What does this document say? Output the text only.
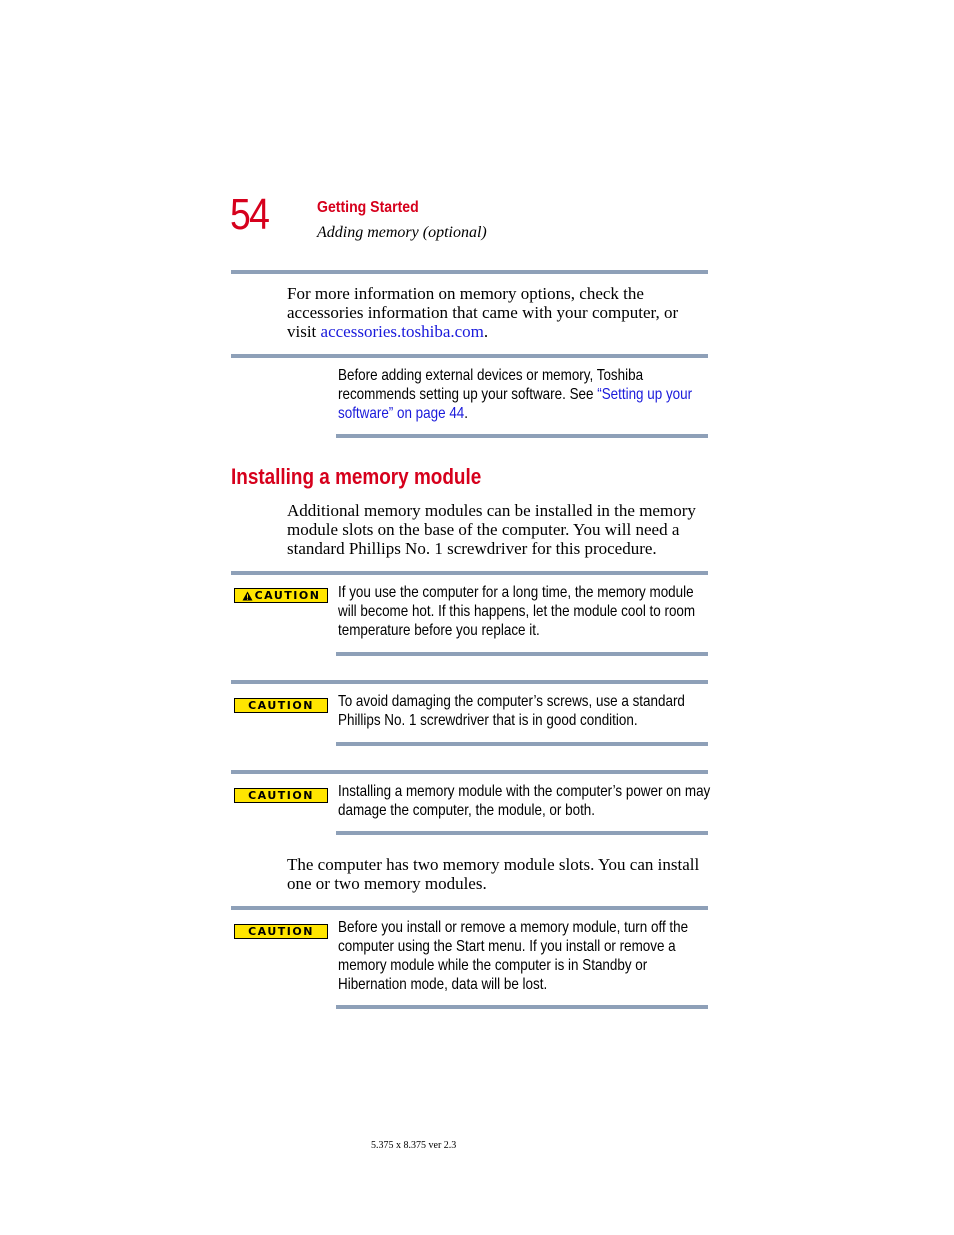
54	Getting Started
Adding memory (optional)
For more information on memory options, check the
accessories information that came with your computer, or
visit accessories.toshiba.com.
Before adding external devices or memory, Toshiba
recommends setting up your software. See “Setting up your
software” on page 44.
Installing a memory module
Additional memory modules can be installed in the memory
module slots on the base of the computer. You will need a
standard Phillips No. 1 screwdriver for this procedure.
CAUTION If you use the computer for a long time, the memory module
will become hot. If this happens, let the module cool to room
temperature before you replace it.
CAUTION To avoid damaging the computer’s screws, use a standard
Phillips No. 1 screwdriver that is in good condition.
CAUTION Installing a memory module with the computer’s power on may
damage the computer, the module, or both.
The computer has two memory module slots. You can install
one or two memory modules.
CAUTION Before you install or remove a memory module, turn off the
computer using the Start menu. If you install or remove a
memory module while the computer is in Standby or
Hibernation mode, data will be lost.
5.375 x 8.375 ver 2.3
